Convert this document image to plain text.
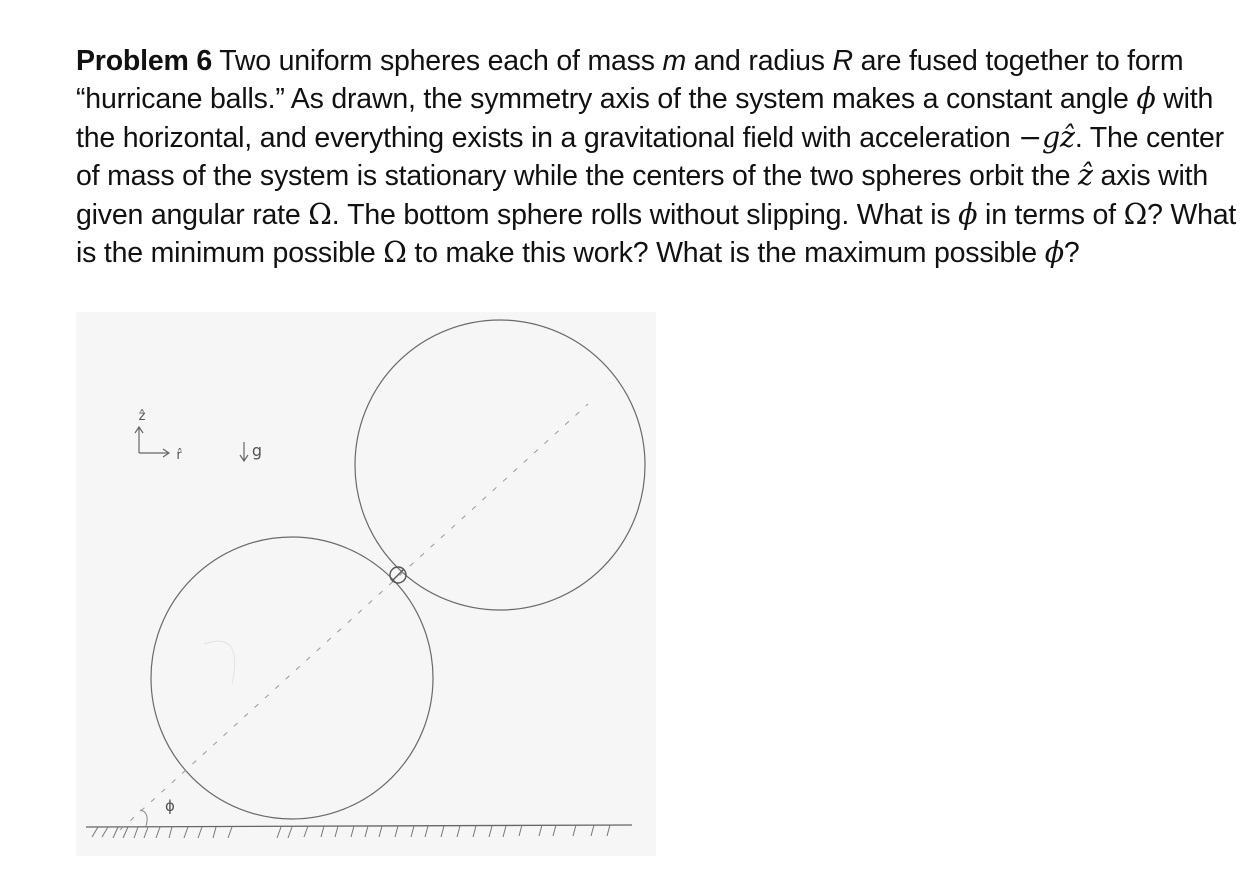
Problem 6 Two uniform spheres each of mass m and radius R are fused together to form
“hurricane balls.” As drawn, the symmetry axis of the system makes a constant angle ϕ with
the horizontal, and everything exists in a gravitational field with acceleration −gẑ. The center
of mass of the system is stationary while the centers of the two spheres orbit the ẑ axis with
given angular rate Ω. The bottom sphere rolls without slipping. What is ϕ in terms of Ω? What
is the minimum possible Ω to make this work? What is the maximum possible ϕ?
ẑ
r̂	g
ϕ
